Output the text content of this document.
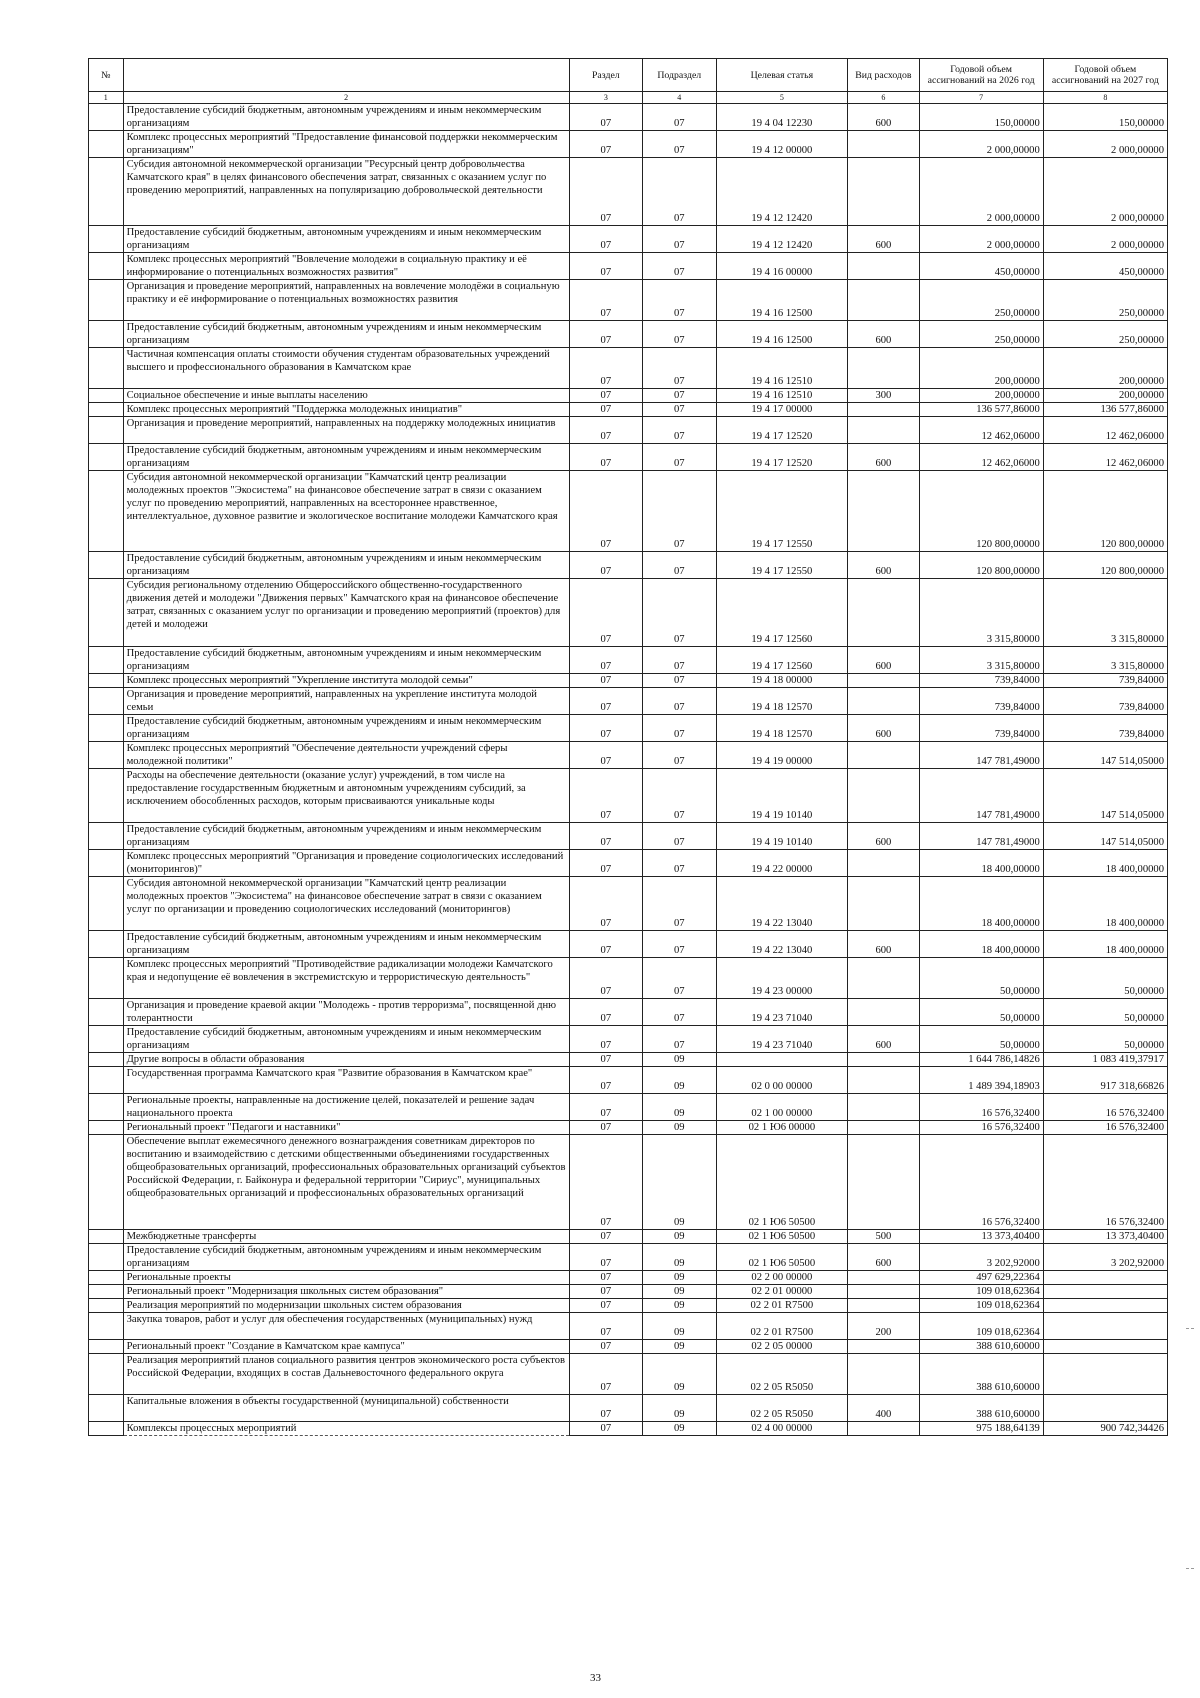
№		Раздел	Подраздел	Целевая статья	Вид расходов	Годовой объем ассигнований на 2026 год	Годовой объем ассигнований на 2027 год
1	2	3	4	5	6	7	8
	Предоставление субсидий бюджетным, автономным учреждениям и иным некоммерческим организациям	07	07	19 4 04 12230	600	150,00000	150,00000
	Комплекс процессных мероприятий "Предоставление финансовой поддержки некоммерческим организациям"	07	07	19 4 12 00000		2 000,00000	2 000,00000
	Субсидия автономной некоммерческой организации "Ресурсный центр добровольчества Камчатского края" в целях финансового обеспечения затрат, связанных с оказанием услуг по проведению мероприятий, направленных на популяризацию добровольческой деятельности	07	07	19 4 12 12420		2 000,00000	2 000,00000
	Предоставление субсидий бюджетным, автономным учреждениям и иным некоммерческим организациям	07	07	19 4 12 12420	600	2 000,00000	2 000,00000
	Комплекс процессных мероприятий "Вовлечение молодежи в социальную практику и её информирование о потенциальных возможностях развития"	07	07	19 4 16 00000		450,00000	450,00000
	Организация и проведение мероприятий, направленных на вовлечение молодёжи в социальную практику и её информирование о потенциальных возможностях развития	07	07	19 4 16 12500		250,00000	250,00000
	Предоставление субсидий бюджетным, автономным учреждениям и иным некоммерческим организациям	07	07	19 4 16 12500	600	250,00000	250,00000
	Частичная компенсация оплаты стоимости обучения студентам образовательных учреждений высшего и профессионального образования в Камчатском крае	07	07	19 4 16 12510		200,00000	200,00000
	Социальное обеспечение и иные выплаты населению	07	07	19 4 16 12510	300	200,00000	200,00000
	Комплекс процессных мероприятий "Поддержка молодежных инициатив"	07	07	19 4 17 00000		136 577,86000	136 577,86000
	Организация и проведение мероприятий, направленных на поддержку молодежных инициатив	07	07	19 4 17 12520		12 462,06000	12 462,06000
	Предоставление субсидий бюджетным, автономным учреждениям и иным некоммерческим организациям	07	07	19 4 17 12520	600	12 462,06000	12 462,06000
	Субсидия автономной некоммерческой организации "Камчатский центр реализации молодежных проектов "Экосистема" на финансовое обеспечение затрат в связи с оказанием услуг по проведению мероприятий, направленных на всестороннее нравственное, интеллектуальное, духовное развитие и экологическое воспитание молодежи Камчатского края	07	07	19 4 17 12550		120 800,00000	120 800,00000
	Предоставление субсидий бюджетным, автономным учреждениям и иным некоммерческим организациям	07	07	19 4 17 12550	600	120 800,00000	120 800,00000
	Субсидия региональному отделению Общероссийского общественно-государственного движения детей и молодежи "Движения первых" Камчатского края на финансовое обеспечение затрат, связанных с оказанием услуг по организации и проведению мероприятий (проектов) для детей и молодежи	07	07	19 4 17 12560		3 315,80000	3 315,80000
	Предоставление субсидий бюджетным, автономным учреждениям и иным некоммерческим организациям	07	07	19 4 17 12560	600	3 315,80000	3 315,80000
	Комплекс процессных мероприятий "Укрепление института молодой семьи"	07	07	19 4 18 00000		739,84000	739,84000
	Организация и проведение мероприятий, направленных на укрепление института молодой семьи	07	07	19 4 18 12570		739,84000	739,84000
	Предоставление субсидий бюджетным, автономным учреждениям и иным некоммерческим организациям	07	07	19 4 18 12570	600	739,84000	739,84000
	Комплекс процессных мероприятий "Обеспечение деятельности учреждений сферы молодежной политики"	07	07	19 4 19 00000		147 781,49000	147 514,05000
	Расходы на обеспечение деятельности (оказание услуг) учреждений, в том числе на предоставление государственным бюджетным и автономным учреждениям субсидий, за исключением обособленных расходов, которым присваиваются уникальные коды	07	07	19 4 19 10140		147 781,49000	147 514,05000
	Предоставление субсидий бюджетным, автономным учреждениям и иным некоммерческим организациям	07	07	19 4 19 10140	600	147 781,49000	147 514,05000
	Комплекс процессных мероприятий "Организация и проведение социологических исследований (мониторингов)"	07	07	19 4 22 00000		18 400,00000	18 400,00000
	Субсидия автономной некоммерческой организации "Камчатский центр реализации молодежных проектов "Экосистема" на финансовое обеспечение затрат в связи с оказанием услуг по организации и проведению социологических исследований (мониторингов)	07	07	19 4 22 13040		18 400,00000	18 400,00000
	Предоставление субсидий бюджетным, автономным учреждениям и иным некоммерческим организациям	07	07	19 4 22 13040	600	18 400,00000	18 400,00000
	Комплекс процессных мероприятий "Противодействие радикализации молодежи Камчатского края и недопущение её вовлечения в экстремистскую и террористическую деятельность"	07	07	19 4 23 00000		50,00000	50,00000
	Организация и проведение краевой акции "Молодежь - против терроризма", посвященной дню толерантности	07	07	19 4 23 71040		50,00000	50,00000
	Предоставление субсидий бюджетным, автономным учреждениям и иным некоммерческим организациям	07	07	19 4 23 71040	600	50,00000	50,00000
	Другие вопросы в области образования	07	09			1 644 786,14826	1 083 419,37917
	Государственная программа Камчатского края "Развитие образования в Камчатском крае"	07	09	02 0 00 00000		1 489 394,18903	917 318,66826
	Региональные проекты, направленные на достижение целей, показателей и решение задач национального проекта	07	09	02 1 00 00000		16 576,32400	16 576,32400
	Региональный проект "Педагоги и наставники"	07	09	02 1 Ю6 00000		16 576,32400	16 576,32400
	Обеспечение выплат ежемесячного денежного вознаграждения советникам директоров по воспитанию и взаимодействию с детскими общественными объединениями государственных общеобразовательных организаций, профессиональных образовательных организаций субъектов Российской Федерации, г. Байконура и федеральной территории "Сириус", муниципальных общеобразовательных организаций и профессиональных образовательных организаций	07	09	02 1 Ю6 50500		16 576,32400	16 576,32400
	Межбюджетные трансферты	07	09	02 1 Ю6 50500	500	13 373,40400	13 373,40400
	Предоставление субсидий бюджетным, автономным учреждениям и иным некоммерческим организациям	07	09	02 1 Ю6 50500	600	3 202,92000	3 202,92000
	Региональные проекты	07	09	02 2 00 00000		497 629,22364	
	Региональный проект "Модернизация школьных систем образования"	07	09	02 2 01 00000		109 018,62364	
	Реализация мероприятий по модернизации школьных систем образования	07	09	02 2 01 R7500		109 018,62364	
	Закупка товаров, работ и услуг для обеспечения государственных (муниципальных) нужд	07	09	02 2 01 R7500	200	109 018,62364	
	Региональный проект "Создание в Камчатском крае кампуса"	07	09	02 2 05 00000		388 610,60000	
	Реализация мероприятий планов социального развития центров экономического роста субъектов Российской Федерации, входящих в состав Дальневосточного федерального округа	07	09	02 2 05 R5050		388 610,60000	
	Капитальные вложения в объекты государственной (муниципальной) собственности	07	09	02 2 05 R5050	400	388 610,60000	
	Комплексы процессных мероприятий	07	09	02 4 00 00000		975 188,64139	900 742,34426
33
